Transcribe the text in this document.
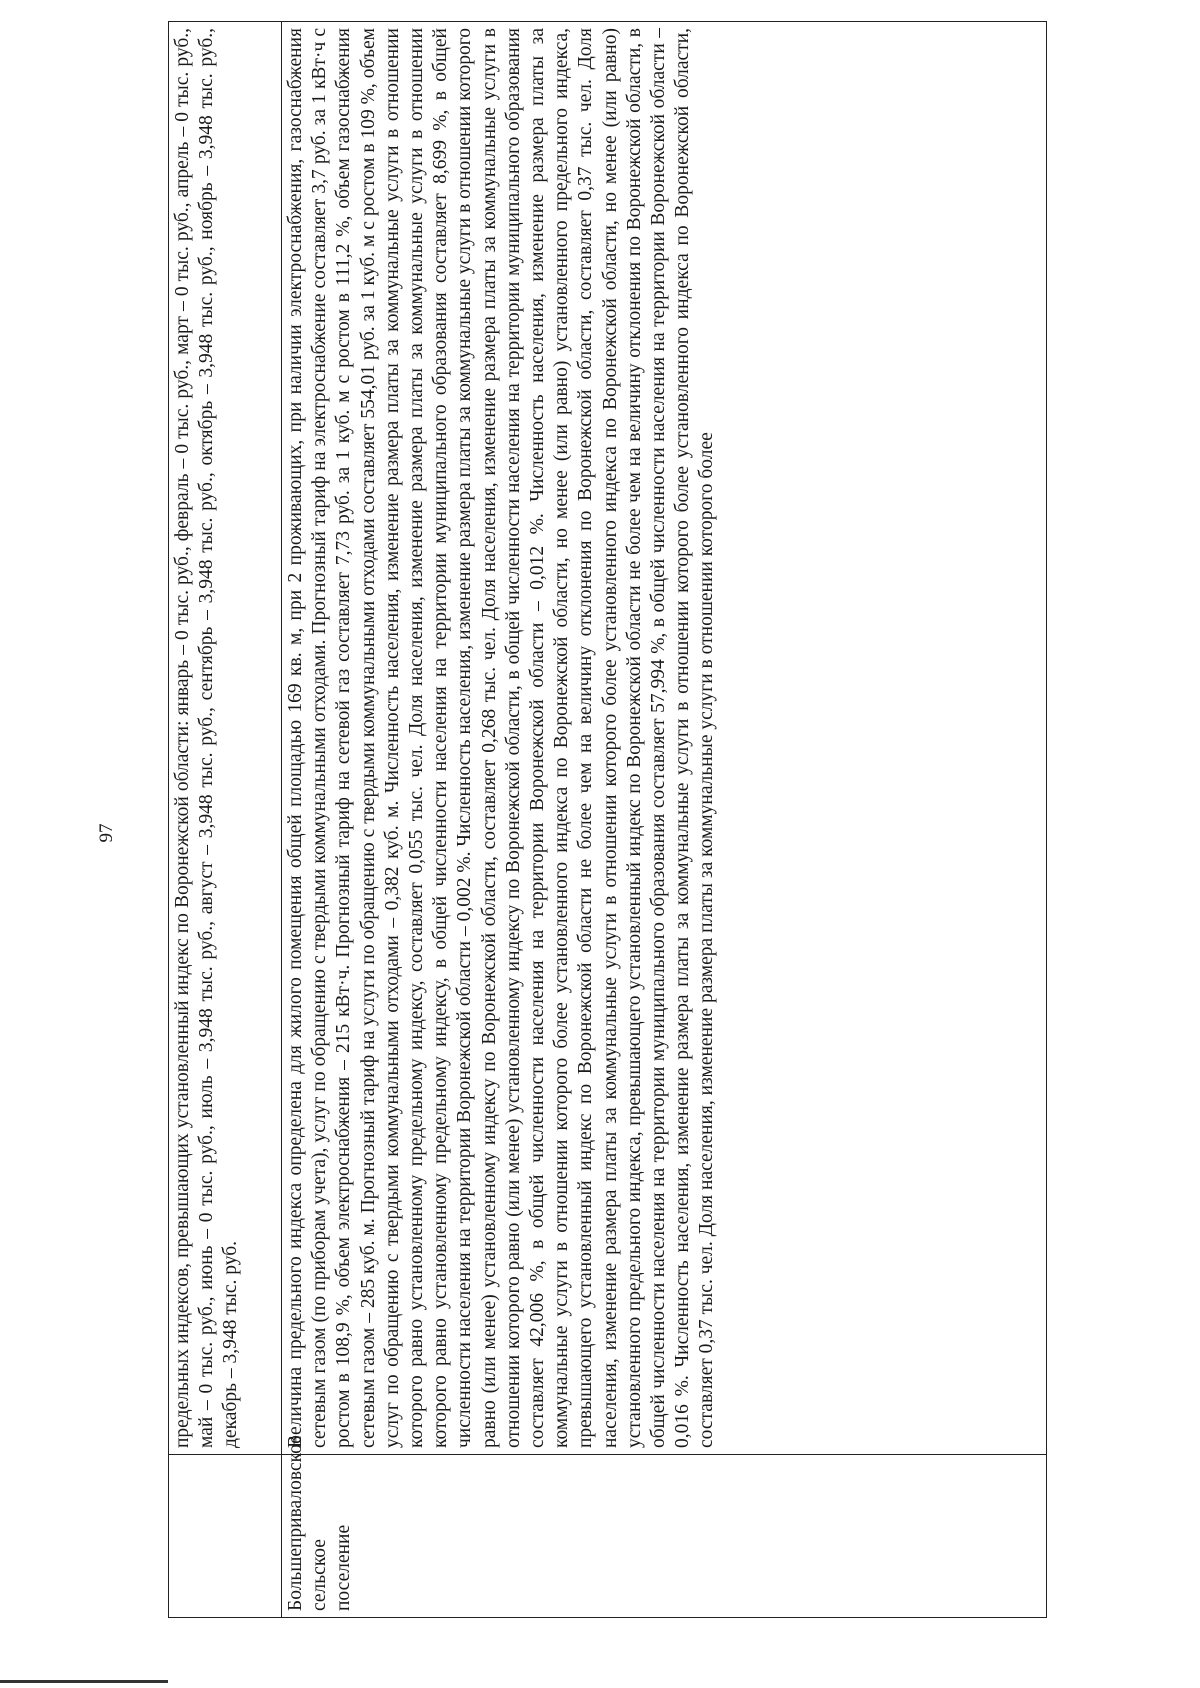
97
		предельных индексов, превышающих установленный индекс по Воронежской области: январь – 0 тыс. руб., февраль – 0 тыс. руб., март – 0 тыс. руб., апрель – 0 тыс. руб., май – 0 тыс. руб., июнь – 0 тыс. руб., июль – 3,948 тыс. руб., август – 3,948 тыс. руб., сентябрь – 3,948 тыс. руб., октябрь – 3,948 тыс. руб., ноябрь – 3,948 тыс. руб., декабрь – 3,948 тыс. руб.
Большеприваловское сельское поселение	Величина предельного индекса определена для жилого помещения общей площадью 169 кв. м, при 2 проживающих, при наличии электроснабжения, газоснабжения сетевым газом (по приборам учета), услуг по обращению с твердыми коммунальными отходами. Прогнозный тариф на электроснабжение составляет 3,7 руб. за 1 кВт·ч с ростом в 108,9 %, объем электроснабжения – 215 кВт·ч. Прогнозный тариф на сетевой газ составляет 7,73 руб. за 1 куб. м с ростом в 111,2 %, объем газоснабжения сетевым газом – 285 куб. м. Прогнозный тариф на услуги по обращению с твердыми коммунальными отходами составляет 554,01 руб. за 1 куб. м с ростом в 109 %, объем услуг по обращению с твердыми коммунальными отходами – 0,382 куб. м. Численность населения, изменение размера платы за коммунальные услуги в отношении которого равно установленному предельному индексу, составляет 0,055 тыс. чел. Доля населения, изменение размера платы за коммунальные услуги в отношении которого равно установленному предельному индексу, в общей численности населения на территории муниципального образования составляет 8,699 %, в общей численности населения на территории Воронежской области – 0,002 %. Численность населения, изменение размера платы за коммунальные услуги в отношении которого равно (или менее) установленному индексу по Воронежской области, составляет 0,268 тыс. чел. Доля населения, изменение размера платы за коммунальные услуги в отношении которого равно (или менее) установленному индексу по Воронежской области, в общей численности населения на территории муниципального образования составляет 42,006 %, в общей численности населения на территории Воронежской области – 0,012 %. Численность населения, изменение размера платы за коммунальные услуги в отношении которого более установленного индекса по Воронежской области, но менее (или равно) установленного предельного индекса, превышающего установленный индекс по Воронежской области не более чем на величину отклонения по Воронежской области, составляет 0,37 тыс. чел. Доля населения, изменение размера платы за коммунальные услуги в отношении которого более установленного индекса по Воронежской области, но менее (или равно) установленного предельного индекса, превышающего установленный индекс по Воронежской области не более чем на величину отклонения по Воронежской области, в общей численности населения на территории муниципального образования составляет 57,994 %, в общей численности населения на территории Воронежской области – 0,016 %. Численность населения, изменение размера платы за коммунальные услуги в отношении которого более установленного индекса по Воронежской области, составляет 0,37 тыс. чел. Доля населения, изменение размера платы за коммунальные услуги в отношении которого более
